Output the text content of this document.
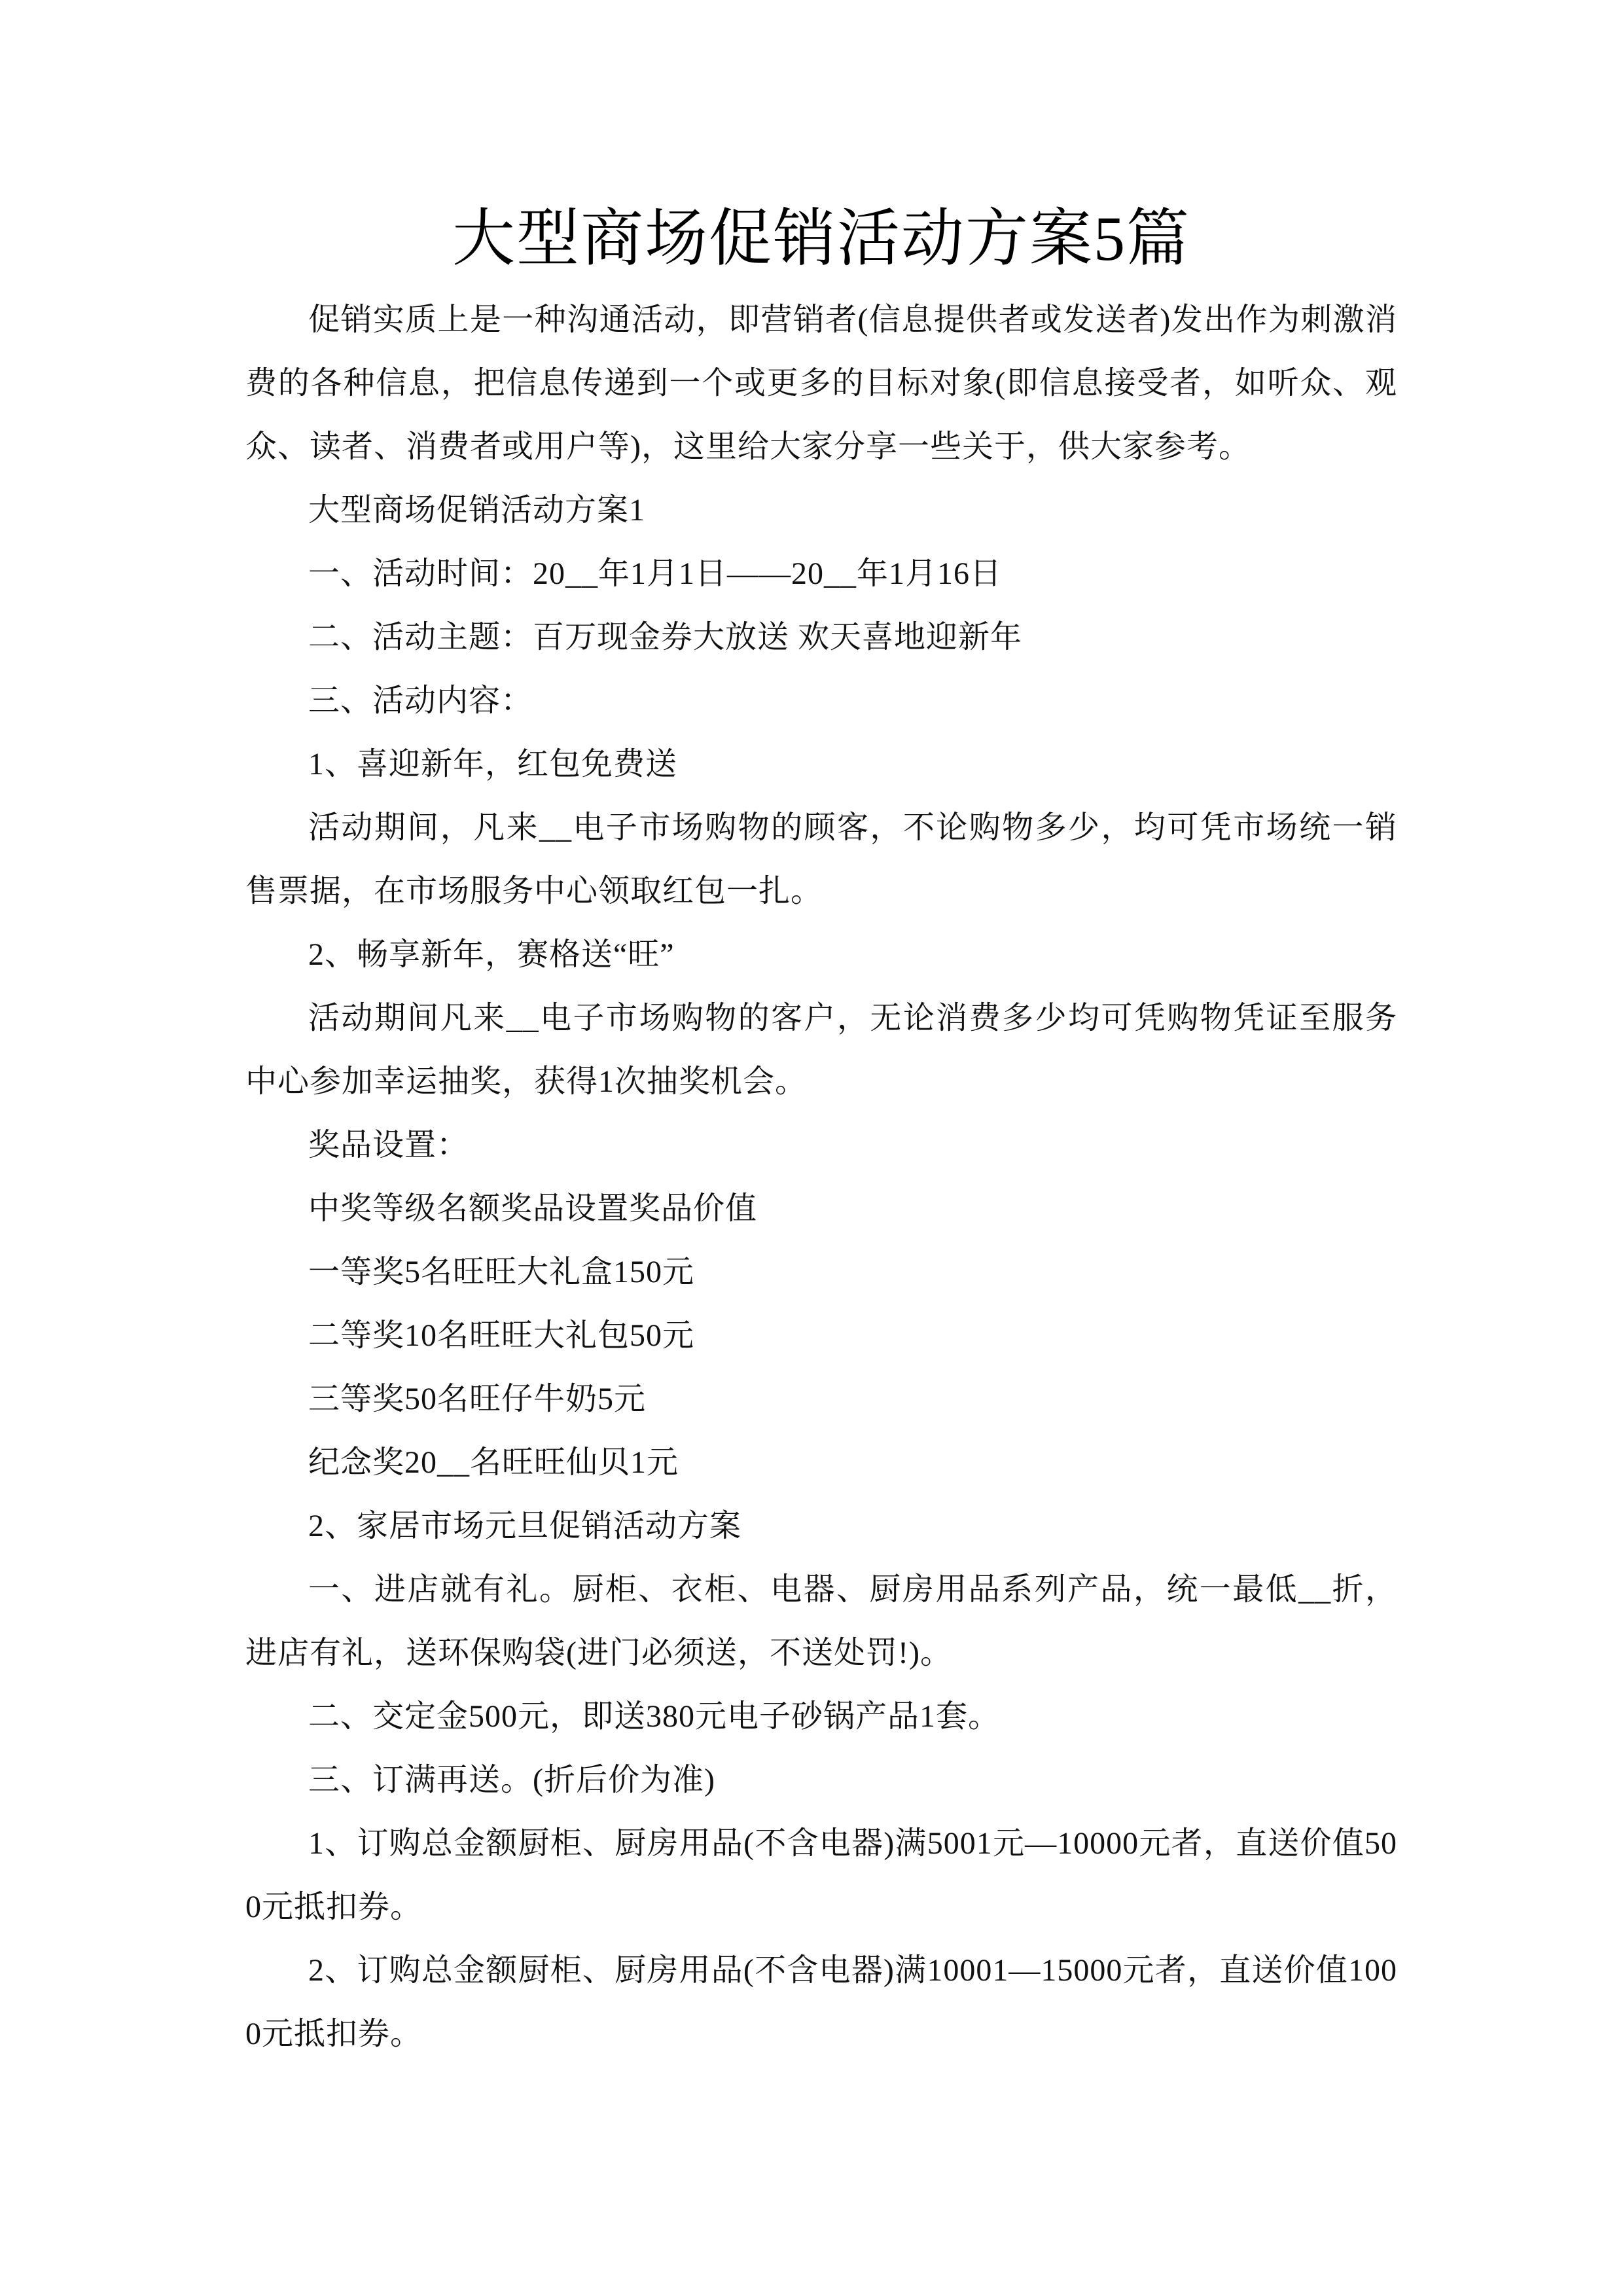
大型商场促销活动方案5篇

促销实质上是一种沟通活动，即营销者(信息提供者或发送者)发出作为刺激消费的各种信息，把信息传递到一个或更多的目标对象(即信息接受者，如听众、观众、读者、消费者或用户等)，这里给大家分享一些关于，供大家参考。

大型商场促销活动方案1

一、活动时间：20__年1月1日——20__年1月16日

二、活动主题：百万现金券大放送 欢天喜地迎新年

三、活动内容：

1、喜迎新年，红包免费送

活动期间，凡来__电子市场购物的顾客，不论购物多少，均可凭市场统一销售票据，在市场服务中心领取红包一扎。

2、畅享新年，赛格送“旺”

活动期间凡来__电子市场购物的客户，无论消费多少均可凭购物凭证至服务中心参加幸运抽奖，获得1次抽奖机会。

奖品设置：

中奖等级名额奖品设置奖品价值

一等奖5名旺旺大礼盒150元

二等奖10名旺旺大礼包50元

三等奖50名旺仔牛奶5元

纪念奖20__名旺旺仙贝1元

2、家居市场元旦促销活动方案

一、进店就有礼。厨柜、衣柜、电器、厨房用品系列产品，统一最低__折，进店有礼，送环保购袋(进门必须送，不送处罚!)。

二、交定金500元，即送380元电子砂锅产品1套。

三、订满再送。(折后价为准)

1、订购总金额厨柜、厨房用品(不含电器)满5001元—10000元者，直送价值500元抵扣券。

2、订购总金额厨柜、厨房用品(不含电器)满10001—15000元者，直送价值1000元抵扣券。
